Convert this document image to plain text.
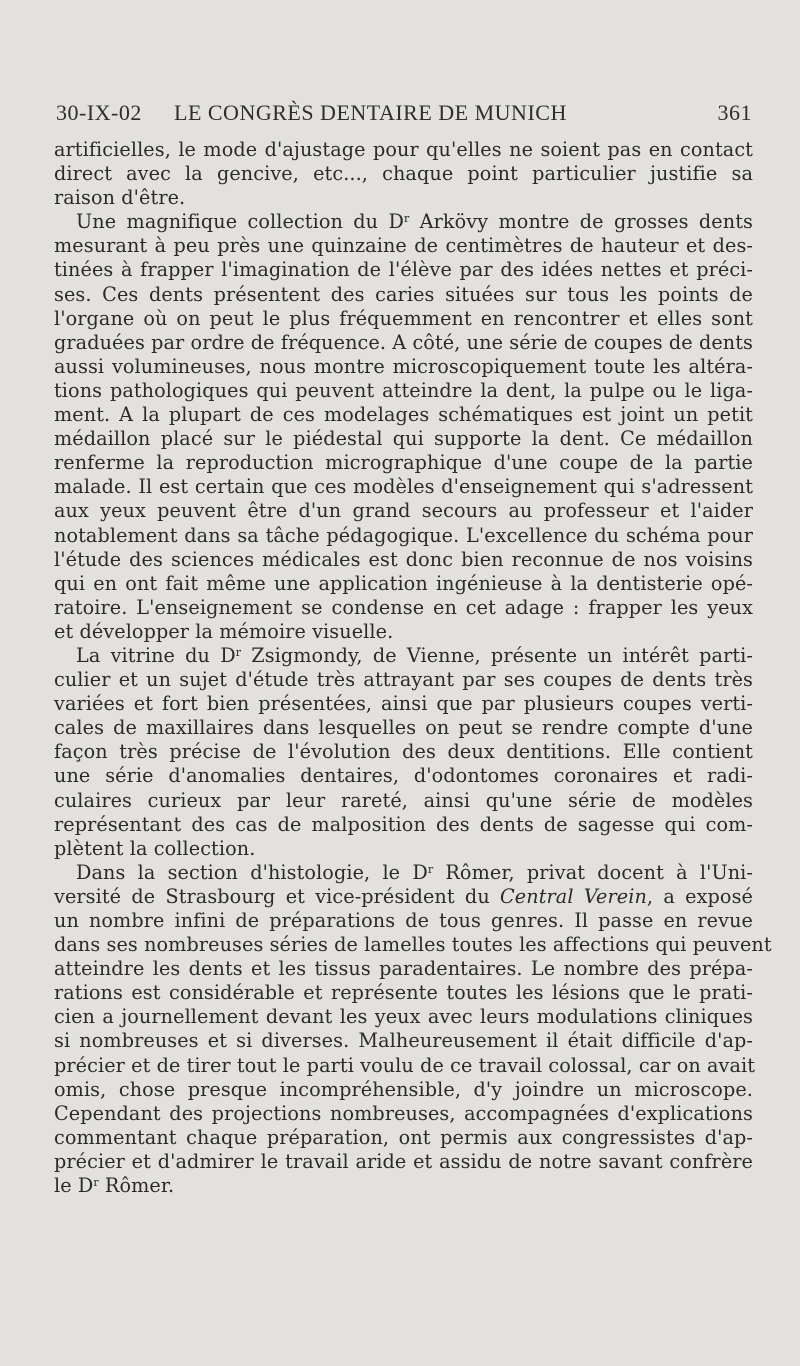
30-IX-02 LE CONGRÈS DENTAIRE DE MUNICH	361
artificielles, le mode d'ajustage pour qu'elles ne soient pas en contact
direct avec la gencive, etc..., chaque point particulier justifie sa
raison d'être.
Une magnifique collection du $D^r$ Arkövy montre de grosses dents
mesurant à peu près une quinzaine de centimètres de hauteur et des-
tinées à frapper l'imagination de l'élève par des idées nettes et préci-
ses. Ces dents présentent des caries situées sur tous les points de
l'organe où on peut le plus fréquemment en rencontrer et elles sont
graduées par ordre de fréquence. A côté, une série de coupes de dents
aussi volumineuses, nous montre microscopiquement toute les altéra-
tions pathologiques qui peuvent atteindre la dent, la pulpe ou le liga-
ment. A la plupart de ces modelages schématiques est joint un petit
médaillon placé sur le piédestal qui supporte la dent. Ce médaillon
renferme la reproduction micrographique d'une coupe de la partie
malade. Il est certain que ces modèles d'enseignement qui s'adressent
aux yeux peuvent être d'un grand secours au professeur et l'aider
notablement dans sa tâche pédagogique. L'excellence du schéma pour
l'étude des sciences médicales est donc bien reconnue de nos voisins
qui en ont fait même une application ingénieuse à la dentisterie opé-
ratoire. L'enseignement se condense en cet adage : frapper les yeux
et développer la mémoire visuelle.
La vitrine du $D^r$ Zsigmondy, de Vienne, présente un intérêt parti-
culier et un sujet d'étude très attrayant par ses coupes de dents très
variées et fort bien présentées, ainsi que par plusieurs coupes verti-
cales de maxillaires dans lesquelles on peut se rendre compte d'une
façon très précise de l'évolution des deux dentitions. Elle contient
une série d'anomalies dentaires, d'odontomes coronaires et radi-
culaires curieux par leur rareté, ainsi qu'une série de modèles
représentant des cas de malposition des dents de sagesse qui com-
plètent la collection.
Dans la section d'histologie, le $D^r$ Rômer, privat docent à l'Uni-
versité de Strasbourg et vice-président du Central Verein, a exposé
un nombre infini de préparations de tous genres. Il passe en revue
dans ses nombreuses séries de lamelles toutes les affections qui peuvent
atteindre les dents et les tissus paradentaires. Le nombre des prépa-
rations est considérable et représente toutes les lésions que le prati-
cien a journellement devant les yeux avec leurs modulations cliniques
si nombreuses et si diverses. Malheureusement il était difficile d'ap-
précier et de tirer tout le parti voulu de ce travail colossal, car on avait
omis, chose presque incompréhensible, d'y joindre un microscope.
Cependant des projections nombreuses, accompagnées d'explications
commentant chaque préparation, ont permis aux congressistes d'ap-
précier et d'admirer le travail aride et assidu de notre savant confrère
le $D^r$ Rômer.
